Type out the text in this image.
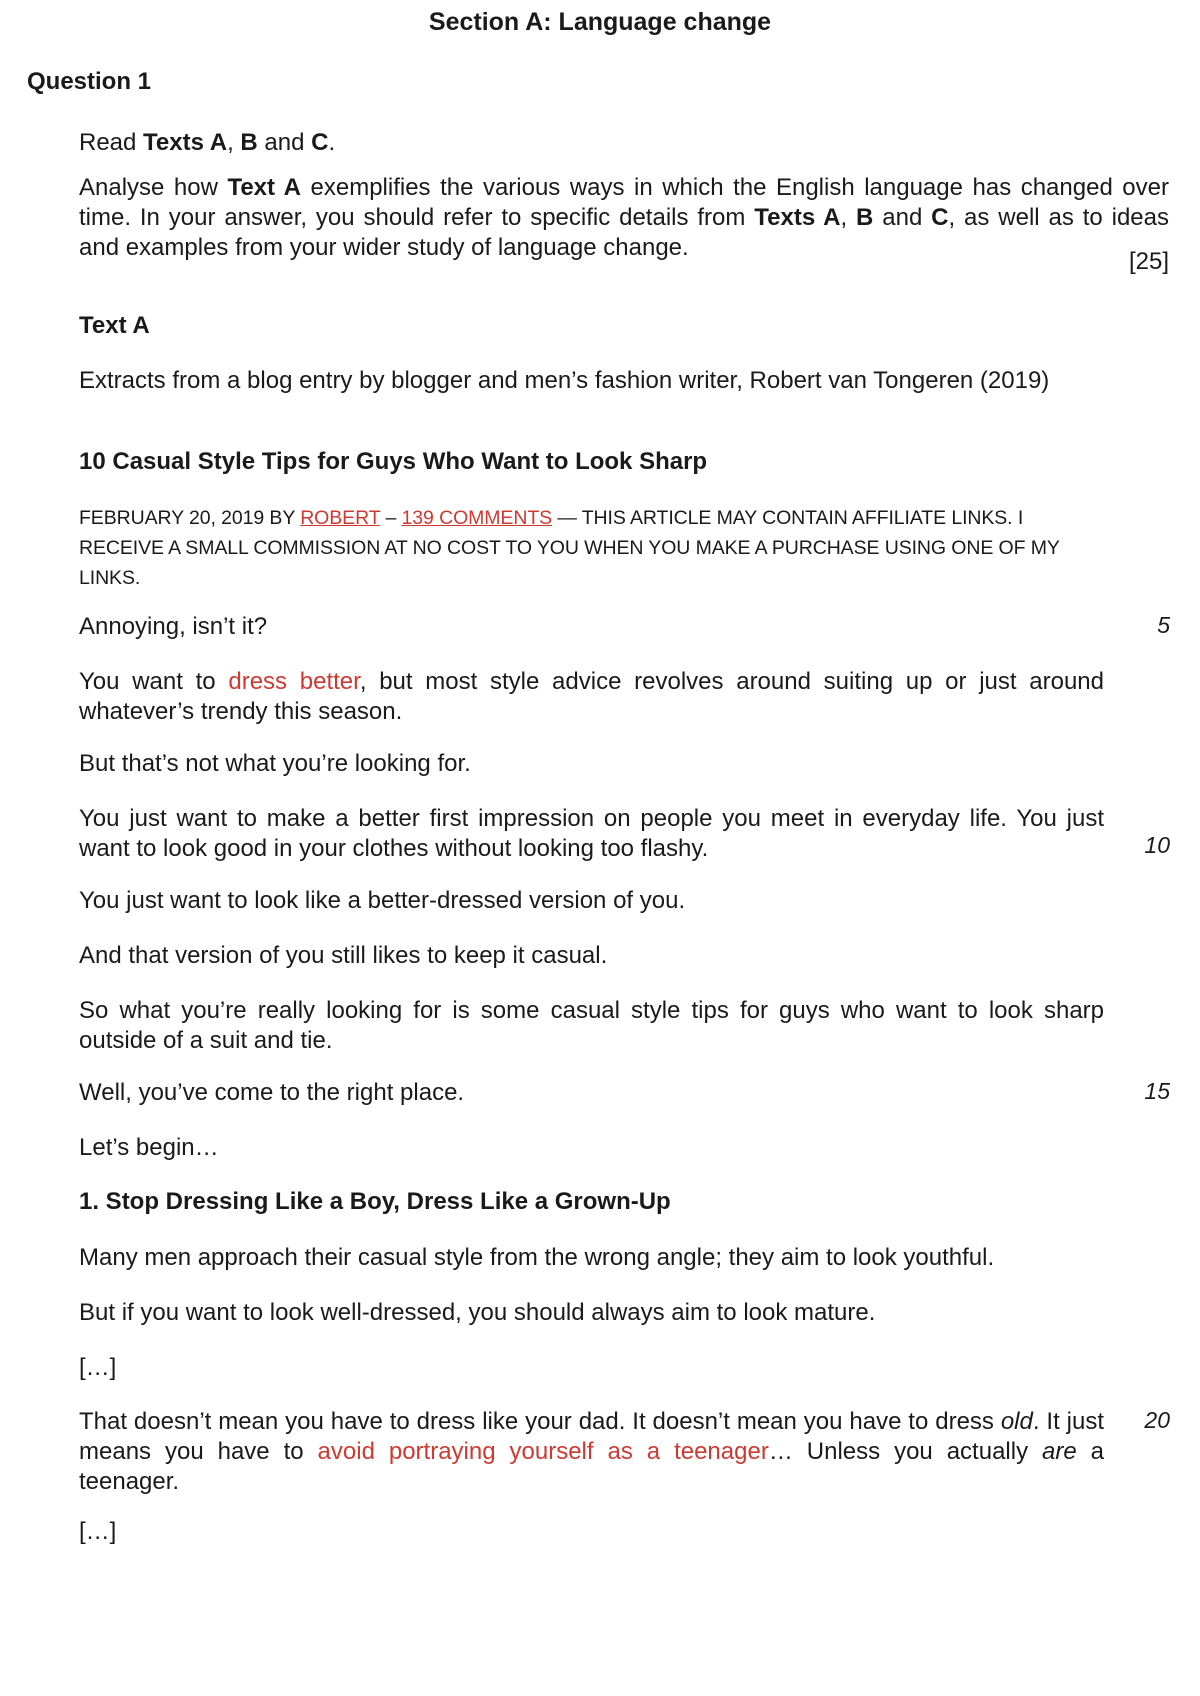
Section A: Language change
Question 1
Read Texts A, B and C.
Analyse how Text A exemplifies the various ways in which the English language has changed over time. In your answer, you should refer to specific details from Texts A, B and C, as well as to ideas and examples from your wider study of language change.
[25]
Text A
Extracts from a blog entry by blogger and men’s fashion writer, Robert van Tongeren (2019)
10 Casual Style Tips for Guys Who Want to Look Sharp
FEBRUARY 20, 2019 BY ROBERT – 139 COMMENTS — THIS ARTICLE MAY CONTAIN AFFILIATE LINKS. I RECEIVE A SMALL COMMISSION AT NO COST TO YOU WHEN YOU MAKE A PURCHASE USING ONE OF MY LINKS.
Annoying, isn’t it?	5
You want to dress better, but most style advice revolves around suiting up or just around whatever’s trendy this season.
But that’s not what you’re looking for.
You just want to make a better first impression on people you meet in everyday life. You just want to look good in your clothes without looking too flashy.	10
You just want to look like a better-dressed version of you.
And that version of you still likes to keep it casual.
So what you’re really looking for is some casual style tips for guys who want to look sharp outside of a suit and tie.
Well, you’ve come to the right place.	15
Let’s begin…
1. Stop Dressing Like a Boy, Dress Like a Grown-Up
Many men approach their casual style from the wrong angle; they aim to look youthful.
But if you want to look well-dressed, you should always aim to look mature.
[…]
That doesn’t mean you have to dress like your dad. It doesn’t mean you have to dress old. It just means you have to avoid portraying yourself as a teenager… Unless you actually are a teenager.
20
[…]
